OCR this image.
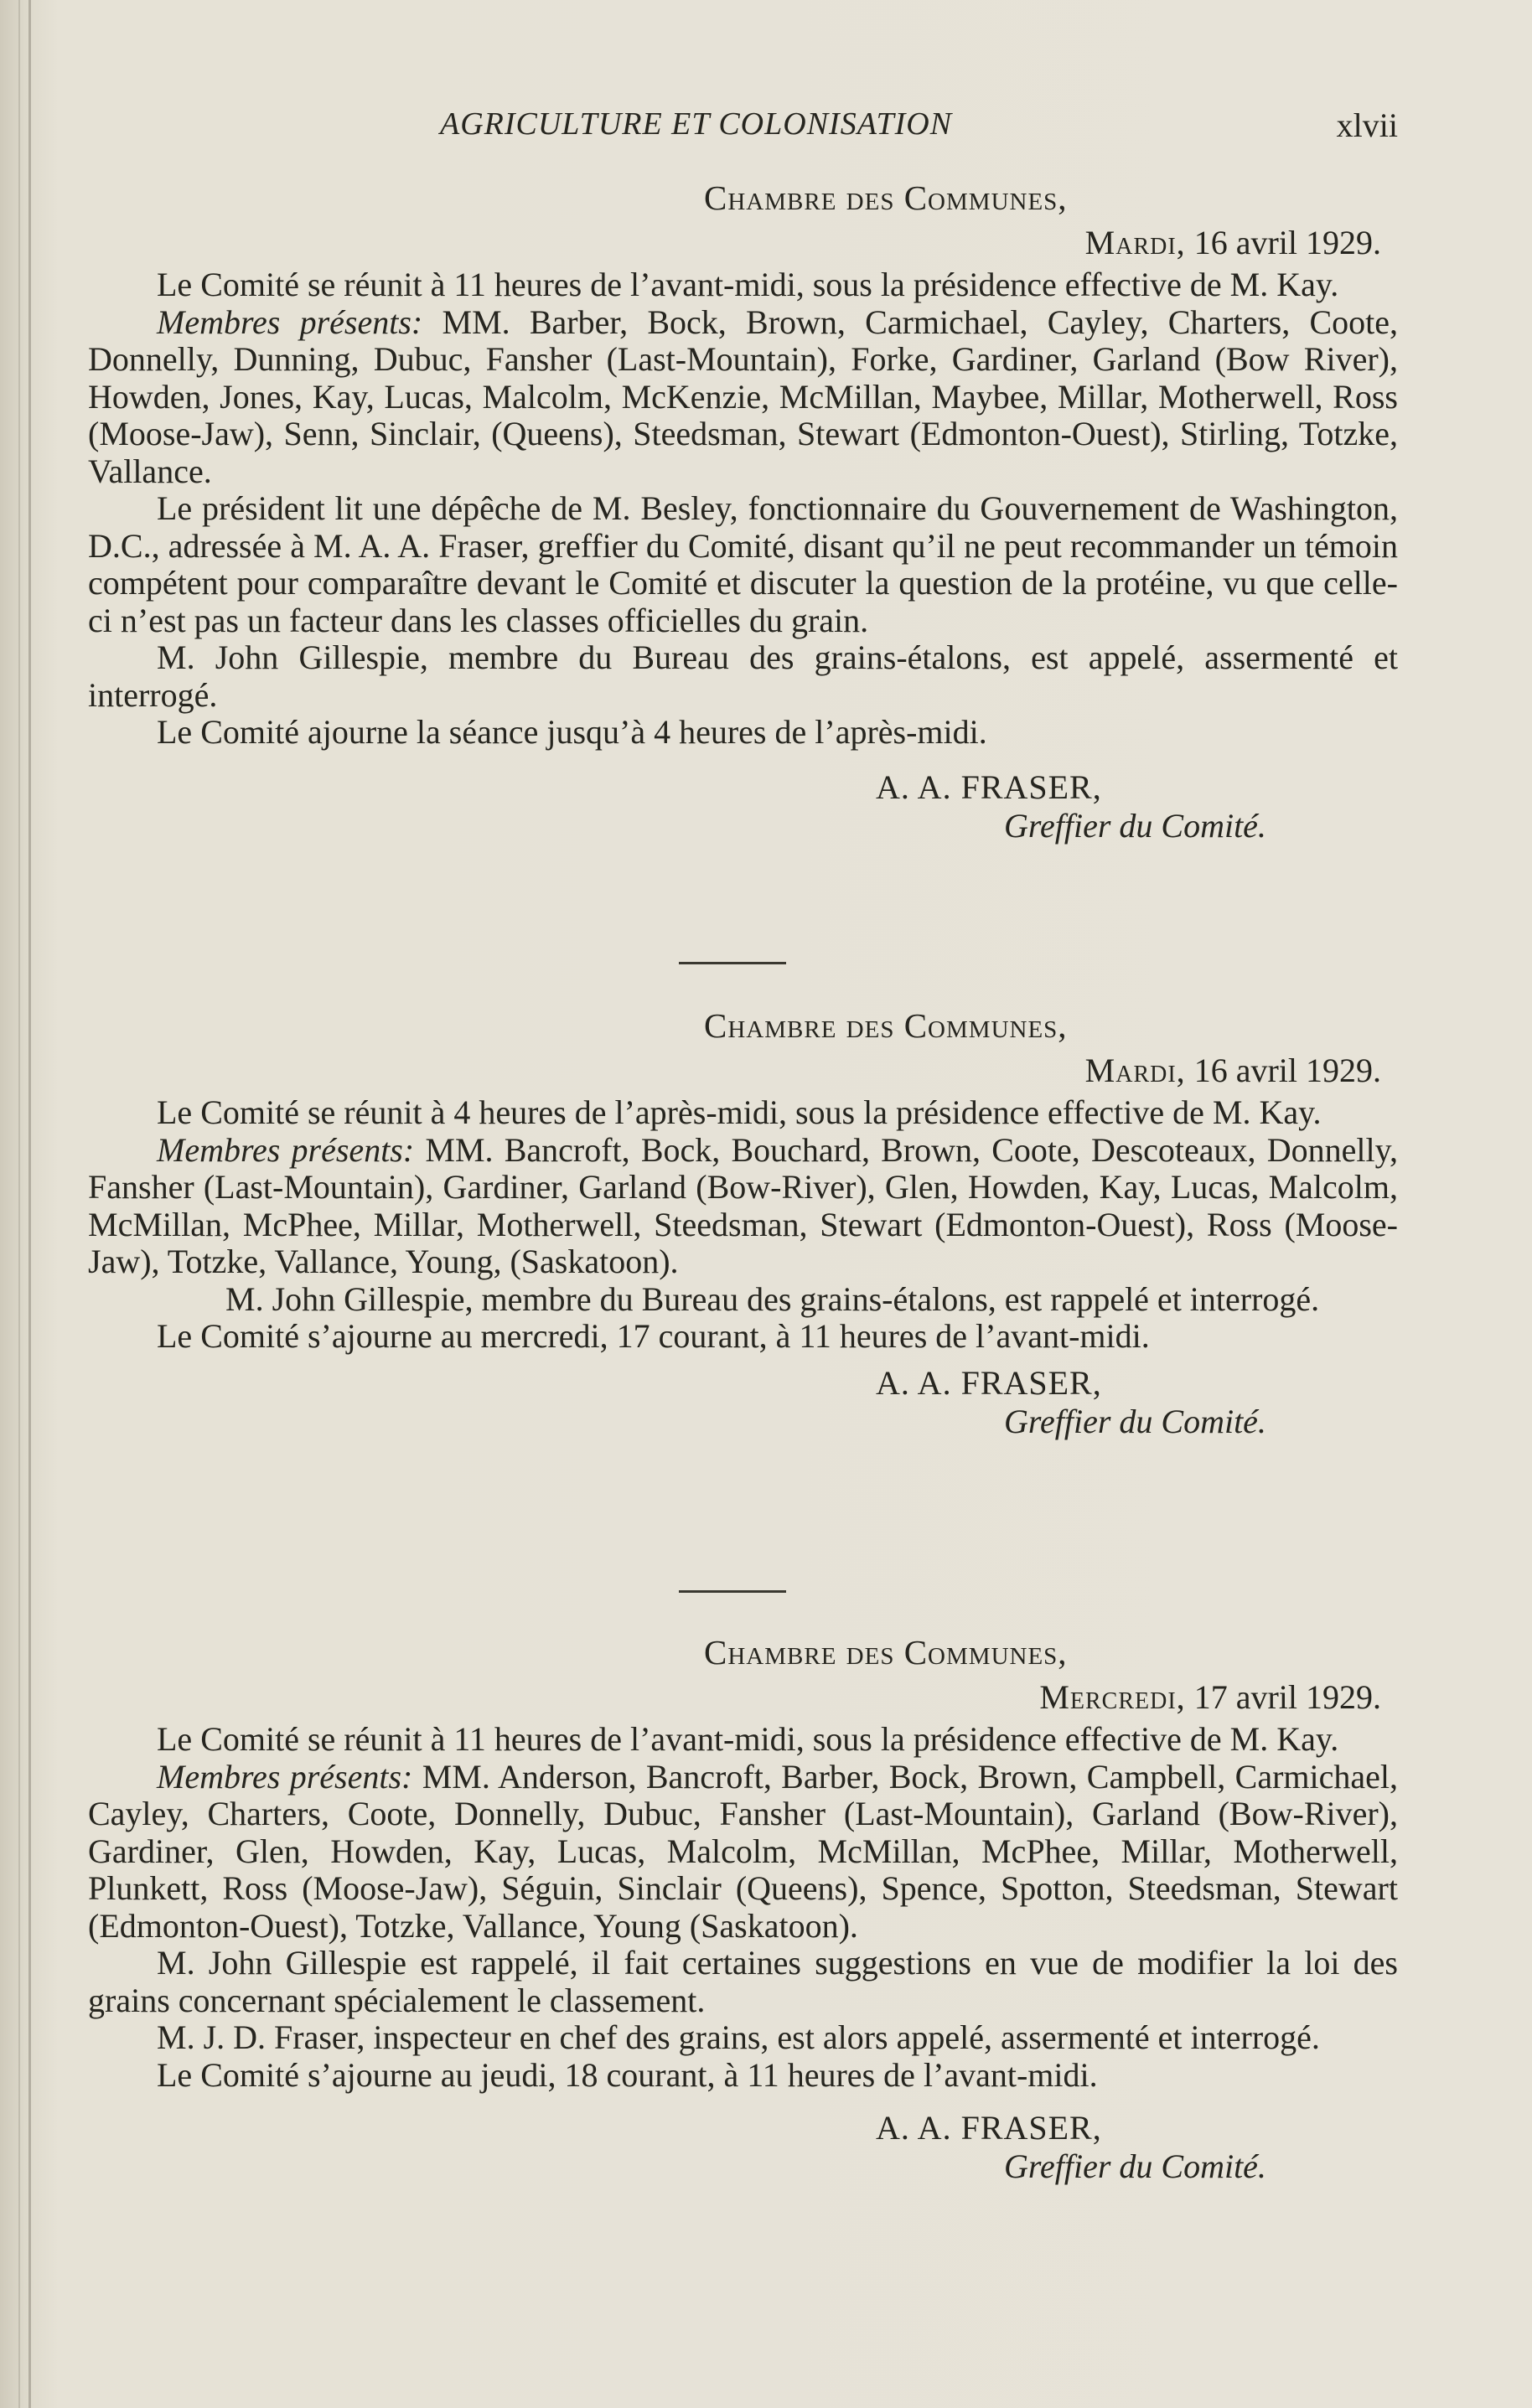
AGRICULTURE ET COLONISATION	xlvii
Chambre des Communes,
Mardi, 16 avril 1929.

Le Comité se réunit à 11 heures de l’avant-midi, sous la présidence effective de M. Kay.

Membres présents: MM. Barber, Bock, Brown, Carmichael, Cayley, Charters, Coote, Donnelly, Dunning, Dubuc, Fansher (Last-Mountain), Forke, Gardiner, Garland (Bow River), Howden, Jones, Kay, Lucas, Malcolm, McKenzie, McMillan, Maybee, Millar, Motherwell, Ross (Moose-Jaw), Senn, Sinclair, (Queens), Steedsman, Stewart (Edmonton-Ouest), Stirling, Totzke, Vallance.

Le président lit une dépêche de M. Besley, fonctionnaire du Gouvernement de Washington, D.C., adressée à M. A. A. Fraser, greffier du Comité, disant qu’il ne peut recommander un témoin compétent pour comparaître devant le Comité et discuter la question de la protéine, vu que celle-ci n’est pas un facteur dans les classes officielles du grain.

M. John Gillespie, membre du Bureau des grains-étalons, est appelé, assermenté et interrogé.

Le Comité ajourne la séance jusqu’à 4 heures de l’après-midi.

A. A. FRASER,
Greffier du Comité.
Chambre des Communes,
Mardi, 16 avril 1929.

Le Comité se réunit à 4 heures de l’après-midi, sous la présidence effective de M. Kay.

Membres présents: MM. Bancroft, Bock, Bouchard, Brown, Coote, Descoteaux, Donnelly, Fansher (Last-Mountain), Gardiner, Garland (Bow-River), Glen, Howden, Kay, Lucas, Malcolm, McMillan, McPhee, Millar, Motherwell, Steedsman, Stewart (Edmonton-Ouest), Ross (Moose-Jaw), Totzke, Vallance, Young, (Saskatoon).

M. John Gillespie, membre du Bureau des grains-étalons, est rappelé et interrogé.

Le Comité s’ajourne au mercredi, 17 courant, à 11 heures de l’avant-midi.

A. A. FRASER,
Greffier du Comité.
Chambre des Communes,
Mercredi, 17 avril 1929.

Le Comité se réunit à 11 heures de l’avant-midi, sous la présidence effective de M. Kay.

Membres présents: MM. Anderson, Bancroft, Barber, Bock, Brown, Campbell, Carmichael, Cayley, Charters, Coote, Donnelly, Dubuc, Fansher (Last-Mountain), Garland (Bow-River), Gardiner, Glen, Howden, Kay, Lucas, Malcolm, McMillan, McPhee, Millar, Motherwell, Plunkett, Ross (Moose-Jaw), Séguin, Sinclair (Queens), Spence, Spotton, Steedsman, Stewart (Edmonton-Ouest), Totzke, Vallance, Young (Saskatoon).

M. John Gillespie est rappelé, il fait certaines suggestions en vue de modifier la loi des grains concernant spécialement le classement.

M. J. D. Fraser, inspecteur en chef des grains, est alors appelé, assermenté et interrogé.

Le Comité s’ajourne au jeudi, 18 courant, à 11 heures de l’avant-midi.

A. A. FRASER,
Greffier du Comité.
